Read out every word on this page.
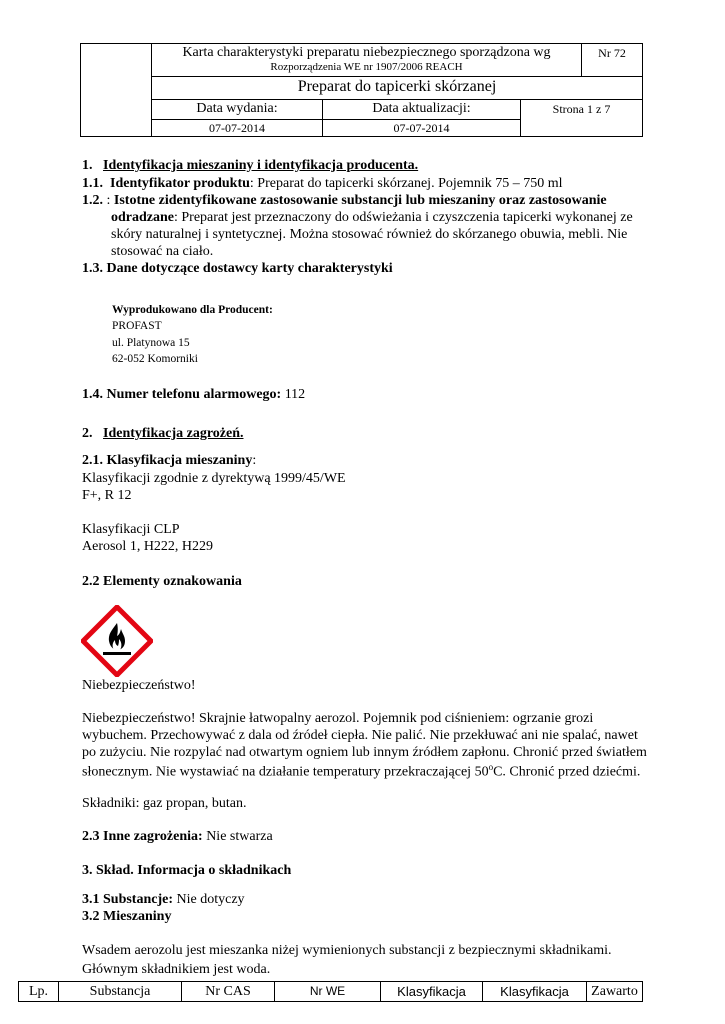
Karta charakterystyki preparatu niebezpiecznego sporządzona wg
Rozporządzenia WE nr 1907/2006 REACH
Nr 72
Preparat do tapicerki skórzanej
Data wydania:	Data aktualizacji:	Strona 1 z 7
07-07-2014	07-07-2014
1. Identyfikacja mieszaniny i identyfikacja producenta.
1.1. Identyfikator produktu: Preparat do tapicerki skórzanej. Pojemnik 75 – 750 ml
1.2. : Istotne zidentyfikowane zastosowanie substancji lub mieszaniny oraz zastosowanie
odradzane: Preparat jest przeznaczony do odświeżania i czyszczenia tapicerki wykonanej ze
skóry naturalnej i syntetycznej. Można stosować również do skórzanego obuwia, mebli. Nie
stosować na ciało.
1.3. Dane dotyczące dostawcy karty charakterystyki
Wyprodukowano dla Producent:
PROFAST
ul. Platynowa 15
62-052 Komorniki
1.4. Numer telefonu alarmowego: 112
2. Identyfikacja zagrożeń.
2.1. Klasyfikacja mieszaniny:
Klasyfikacji zgodnie z dyrektywą 1999/45/WE
F+, R 12
Klasyfikacji CLP
Aerosol 1, H222, H229
2.2 Elementy oznakowania
Niebezpieczeństwo!
Niebezpieczeństwo! Skrajnie łatwopalny aerozol. Pojemnik pod ciśnieniem: ogrzanie grozi
wybuchem. Przechowywać z dala od źródeł ciepła. Nie palić. Nie przekłuwać ani nie spalać, nawet
po zużyciu. Nie rozpylać nad otwartym ogniem lub innym źródłem zapłonu. Chronić przed światłem
słonecznym. Nie wystawiać na działanie temperatury przekraczającej 50$^o$C. Chronić przed dziećmi.
Składniki: gaz propan, butan.
2.3 Inne zagrożenia: Nie stwarza
3. Skład. Informacja o składnikach
3.1 Substancje: Nie dotyczy
3.2 Mieszaniny
Wsadem aerozolu jest mieszanka niżej wymienionych substancji z bezpiecznymi składnikami.
Głównym składnikiem jest woda.
Lp.	Substancja	Nr CAS	Nr WE	Klasyfikacja	Klasyfikacja	Zawarto
